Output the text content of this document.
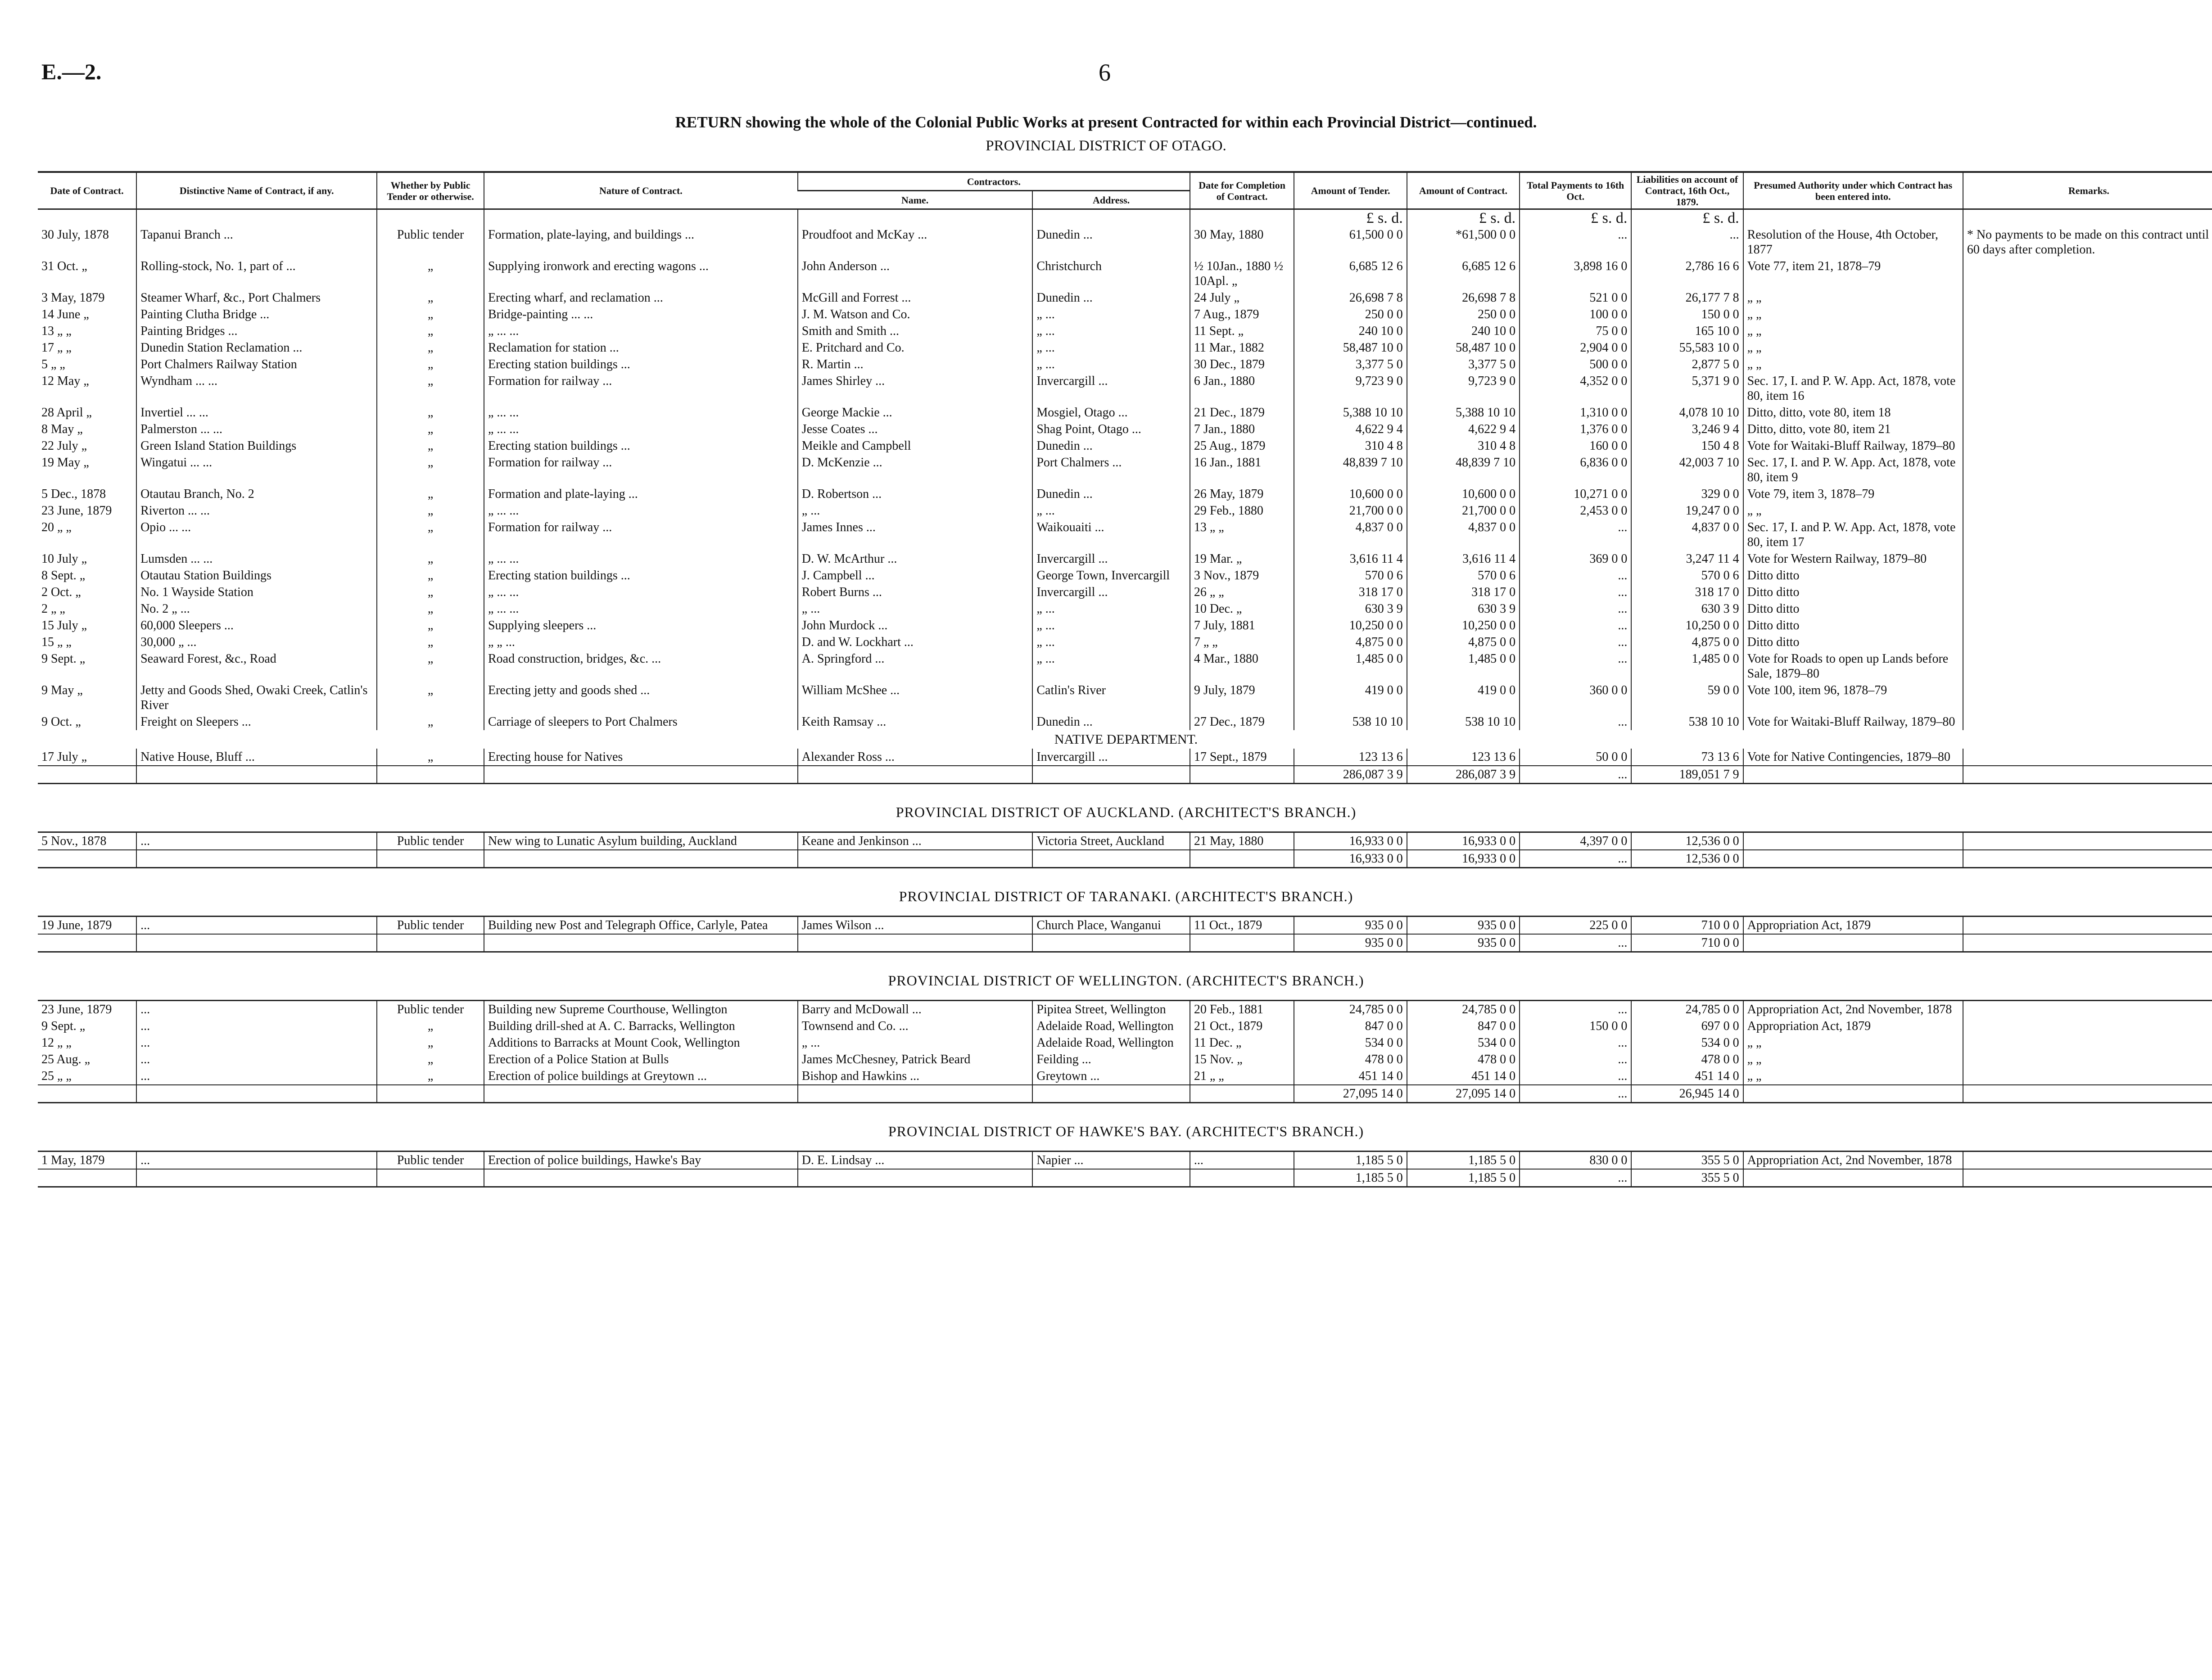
E.—2.	6
RETURN showing the whole of the Colonial Public Works at present Contracted for within each Provincial District—continued.
PROVINCIAL DISTRICT OF OTAGO.
Date of Contract.	Distinctive Name of Contract, if any.	Whether by Public Tender or otherwise.	Nature of Contract.	Contractors.		Date for Completion of Contract.	Amount of Tender.	Amount of Contract.	Total Payments to 16th Oct.	Liabilities on account of Contract, 16th Oct., 1879.	Presumed Authority under which Contract has been entered into.	Remarks.
				Name.	Address.							
							£ s. d.	£ s. d.	£ s. d.	£ s. d.		
30 July, 1878	Tapanui Branch ...	Public tender	Formation, plate-laying, and buildings ...	Proudfoot and McKay ...	Dunedin ...	30 May, 1880	61,500 0 0	*61,500 0 0	...	...	Resolution of the House, 4th October, 1877	* No payments to be made on this contract until 60 days after completion.
31 Oct. „	Rolling-stock, No. 1, part of ...	„	Supplying ironwork and erecting wagons ...	John Anderson ...	Christchurch	½ 10Jan., 1880 ½ 10Apl. „	6,685 12 6	6,685 12 6	3,898 16 0	2,786 16 6	Vote 77, item 21, 1878–79	
3 May, 1879	Steamer Wharf, &c., Port Chalmers	„	Erecting wharf, and reclamation ...	McGill and Forrest ...	Dunedin ...	24 July „	26,698 7 8	26,698 7 8	521 0 0	26,177 7 8	„ „	
14 June „	Painting Clutha Bridge ...	„	Bridge-painting ... ...	J. M. Watson and Co.	„ ...	7 Aug., 1879	250 0 0	250 0 0	100 0 0	150 0 0	„ „	
13 „ „	Painting Bridges ...	„	„ ... ...	Smith and Smith ...	„ ...	11 Sept. „	240 10 0	240 10 0	75 0 0	165 10 0	„ „	
17 „ „	Dunedin Station Reclamation ...	„	Reclamation for station ...	E. Pritchard and Co.	„ ...	11 Mar., 1882	58,487 10 0	58,487 10 0	2,904 0 0	55,583 10 0	„ „	
5 „ „	Port Chalmers Railway Station	„	Erecting station buildings ...	R. Martin ...	„ ...	30 Dec., 1879	3,377 5 0	3,377 5 0	500 0 0	2,877 5 0	„ „	
12 May „	Wyndham ... ...	„	Formation for railway ...	James Shirley ...	Invercargill ...	6 Jan., 1880	9,723 9 0	9,723 9 0	4,352 0 0	5,371 9 0	Sec. 17, I. and P. W. App. Act, 1878, vote 80, item 16	
28 April „	Invertiel ... ...	„	„ ... ...	George Mackie ...	Mosgiel, Otago ...	21 Dec., 1879	5,388 10 10	5,388 10 10	1,310 0 0	4,078 10 10	Ditto, ditto, vote 80, item 18	
8 May „	Palmerston ... ...	„	„ ... ...	Jesse Coates ...	Shag Point, Otago ...	7 Jan., 1880	4,622 9 4	4,622 9 4	1,376 0 0	3,246 9 4	Ditto, ditto, vote 80, item 21	
22 July „	Green Island Station Buildings	„	Erecting station buildings ...	Meikle and Campbell	Dunedin ...	25 Aug., 1879	310 4 8	310 4 8	160 0 0	150 4 8	Vote for Waitaki-Bluff Railway, 1879–80	
19 May „	Wingatui ... ...	„	Formation for railway ...	D. McKenzie ...	Port Chalmers ...	16 Jan., 1881	48,839 7 10	48,839 7 10	6,836 0 0	42,003 7 10	Sec. 17, I. and P. W. App. Act, 1878, vote 80, item 9	
5 Dec., 1878	Otautau Branch, No. 2	„	Formation and plate-laying ...	D. Robertson ...	Dunedin ...	26 May, 1879	10,600 0 0	10,600 0 0	10,271 0 0	329 0 0	Vote 79, item 3, 1878–79	
23 June, 1879	Riverton ... ...	„	„ ... ...	„ ...	„ ...	29 Feb., 1880	21,700 0 0	21,700 0 0	2,453 0 0	19,247 0 0	„ „	
20 „ „	Opio ... ...	„	Formation for railway ...	James Innes ...	Waikouaiti ...	13 „ „	4,837 0 0	4,837 0 0	...	4,837 0 0	Sec. 17, I. and P. W. App. Act, 1878, vote 80, item 17	
10 July „	Lumsden ... ...	„	„ ... ...	D. W. McArthur ...	Invercargill ...	19 Mar. „	3,616 11 4	3,616 11 4	369 0 0	3,247 11 4	Vote for Western Railway, 1879–80	
8 Sept. „	Otautau Station Buildings	„	Erecting station buildings ...	J. Campbell ...	George Town, Invercargill	3 Nov., 1879	570 0 6	570 0 6	...	570 0 6	Ditto ditto	
2 Oct. „	No. 1 Wayside Station	„	„ ... ...	Robert Burns ...	Invercargill ...	26 „ „	318 17 0	318 17 0	...	318 17 0	Ditto ditto	
2 „ „	No. 2 „ ...	„	„ ... ...	„ ...	„ ...	10 Dec. „	630 3 9	630 3 9	...	630 3 9	Ditto ditto	
15 July „	60,000 Sleepers ...	„	Supplying sleepers ...	John Murdock ...	„ ...	7 July, 1881	10,250 0 0	10,250 0 0	...	10,250 0 0	Ditto ditto	
15 „ „	30,000 „ ...	„	„ „ ...	D. and W. Lockhart ...	„ ...	7 „ „	4,875 0 0	4,875 0 0	...	4,875 0 0	Ditto ditto	
9 Sept. „	Seaward Forest, &c., Road	„	Road construction, bridges, &c. ...	A. Springford ...	„ ...	4 Mar., 1880	1,485 0 0	1,485 0 0	...	1,485 0 0	Vote for Roads to open up Lands before Sale, 1879–80	
9 May „	Jetty and Goods Shed, Owaki Creek, Catlin's River	„	Erecting jetty and goods shed ...	William McShee ...	Catlin's River	9 July, 1879	419 0 0	419 0 0	360 0 0	59 0 0	Vote 100, item 96, 1878–79	
9 Oct. „	Freight on Sleepers ...	„	Carriage of sleepers to Port Chalmers	Keith Ramsay ...	Dunedin ...	27 Dec., 1879	538 10 10	538 10 10	...	538 10 10	Vote for Waitaki-Bluff Railway, 1879–80	
NATIVE DEPARTMENT.												
17 July „	Native House, Bluff ...	„	Erecting house for Natives	Alexander Ross ...	Invercargill ...	17 Sept., 1879	123 13 6	123 13 6	50 0 0	73 13 6	Vote for Native Contingencies, 1879–80	
							286,087 3 9	286,087 3 9	...	189,051 7 9		
PROVINCIAL DISTRICT OF AUCKLAND. (ARCHITECT'S BRANCH.)												
5 Nov., 1878	...	Public tender	New wing to Lunatic Asylum building, Auckland	Keane and Jenkinson ...	Victoria Street, Auckland	21 May, 1880	16,933 0 0	16,933 0 0	4,397 0 0	12,536 0 0		
							16,933 0 0	16,933 0 0	...	12,536 0 0		
PROVINCIAL DISTRICT OF TARANAKI. (ARCHITECT'S BRANCH.)												
19 June, 1879	...	Public tender	Building new Post and Telegraph Office, Carlyle, Patea	James Wilson ...	Church Place, Wanganui	11 Oct., 1879	935 0 0	935 0 0	225 0 0	710 0 0	Appropriation Act, 1879	
							935 0 0	935 0 0	...	710 0 0		
PROVINCIAL DISTRICT OF WELLINGTON. (ARCHITECT'S BRANCH.)												
23 June, 1879	...	Public tender	Building new Supreme Courthouse, Wellington	Barry and McDowall ...	Pipitea Street, Wellington	20 Feb., 1881	24,785 0 0	24,785 0 0	...	24,785 0 0	Appropriation Act, 2nd November, 1878	
9 Sept. „	...	„	Building drill-shed at A. C. Barracks, Wellington	Townsend and Co. ...	Adelaide Road, Wellington	21 Oct., 1879	847 0 0	847 0 0	150 0 0	697 0 0	Appropriation Act, 1879	
12 „ „	...	„	Additions to Barracks at Mount Cook, Wellington	„ ...	Adelaide Road, Wellington	11 Dec. „	534 0 0	534 0 0	...	534 0 0	„ „	
25 Aug. „	...	„	Erection of a Police Station at Bulls	James McChesney, Patrick Beard	Feilding ...	15 Nov. „	478 0 0	478 0 0	...	478 0 0	„ „	
25 „ „	...	„	Erection of police buildings at Greytown ...	Bishop and Hawkins ...	Greytown ...	21 „ „	451 14 0	451 14 0	...	451 14 0	„ „	
							27,095 14 0	27,095 14 0	...	26,945 14 0		
PROVINCIAL DISTRICT OF HAWKE'S BAY. (ARCHITECT'S BRANCH.)												
1 May, 1879	...	Public tender	Erection of police buildings, Hawke's Bay	D. E. Lindsay ...	Napier ...	...	1,185 5 0	1,185 5 0	830 0 0	355 5 0	Appropriation Act, 2nd November, 1878	
							1,185 5 0	1,185 5 0	...	355 5 0		
